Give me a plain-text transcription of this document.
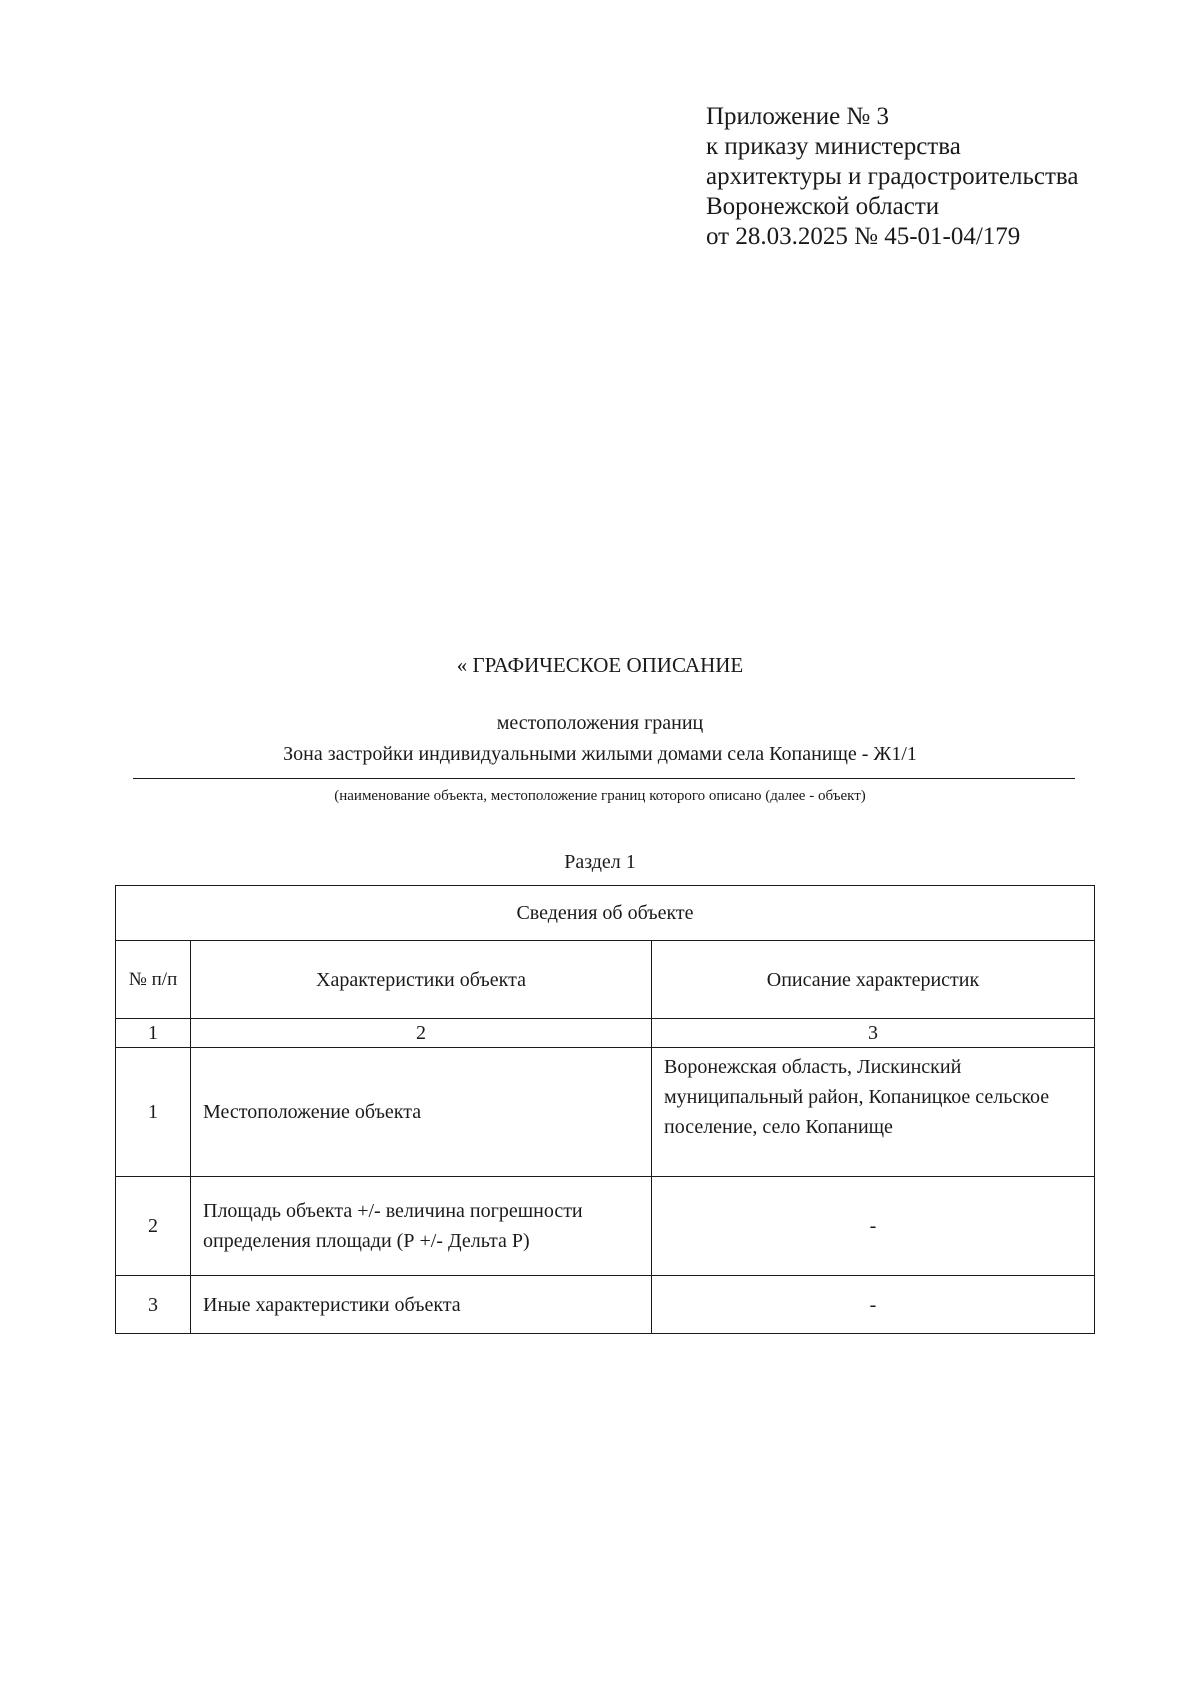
Приложение № 3
к приказу министерства
архитектуры и градостроительства
Воронежской области
от 28.03.2025 № 45-01-04/179
« ГРАФИЧЕСКОЕ ОПИСАНИЕ
местоположения границ
Зона застройки индивидуальными жилыми домами села Копанище - Ж1/1
(наименование объекта, местоположение границ которого описано (далее - объект)
Раздел 1
Сведения об объекте		
№ п/п	Характеристики объекта	Описание характеристик
1	2	3
1	Местоположение объекта	Воронежская область, Лискинский муниципальный район, Копаницкое сельское поселение, село Копанище
2	Площадь объекта +/- величина погрешности определения площади (Р +/- Дельта Р)	-
3	Иные характеристики объекта	-
